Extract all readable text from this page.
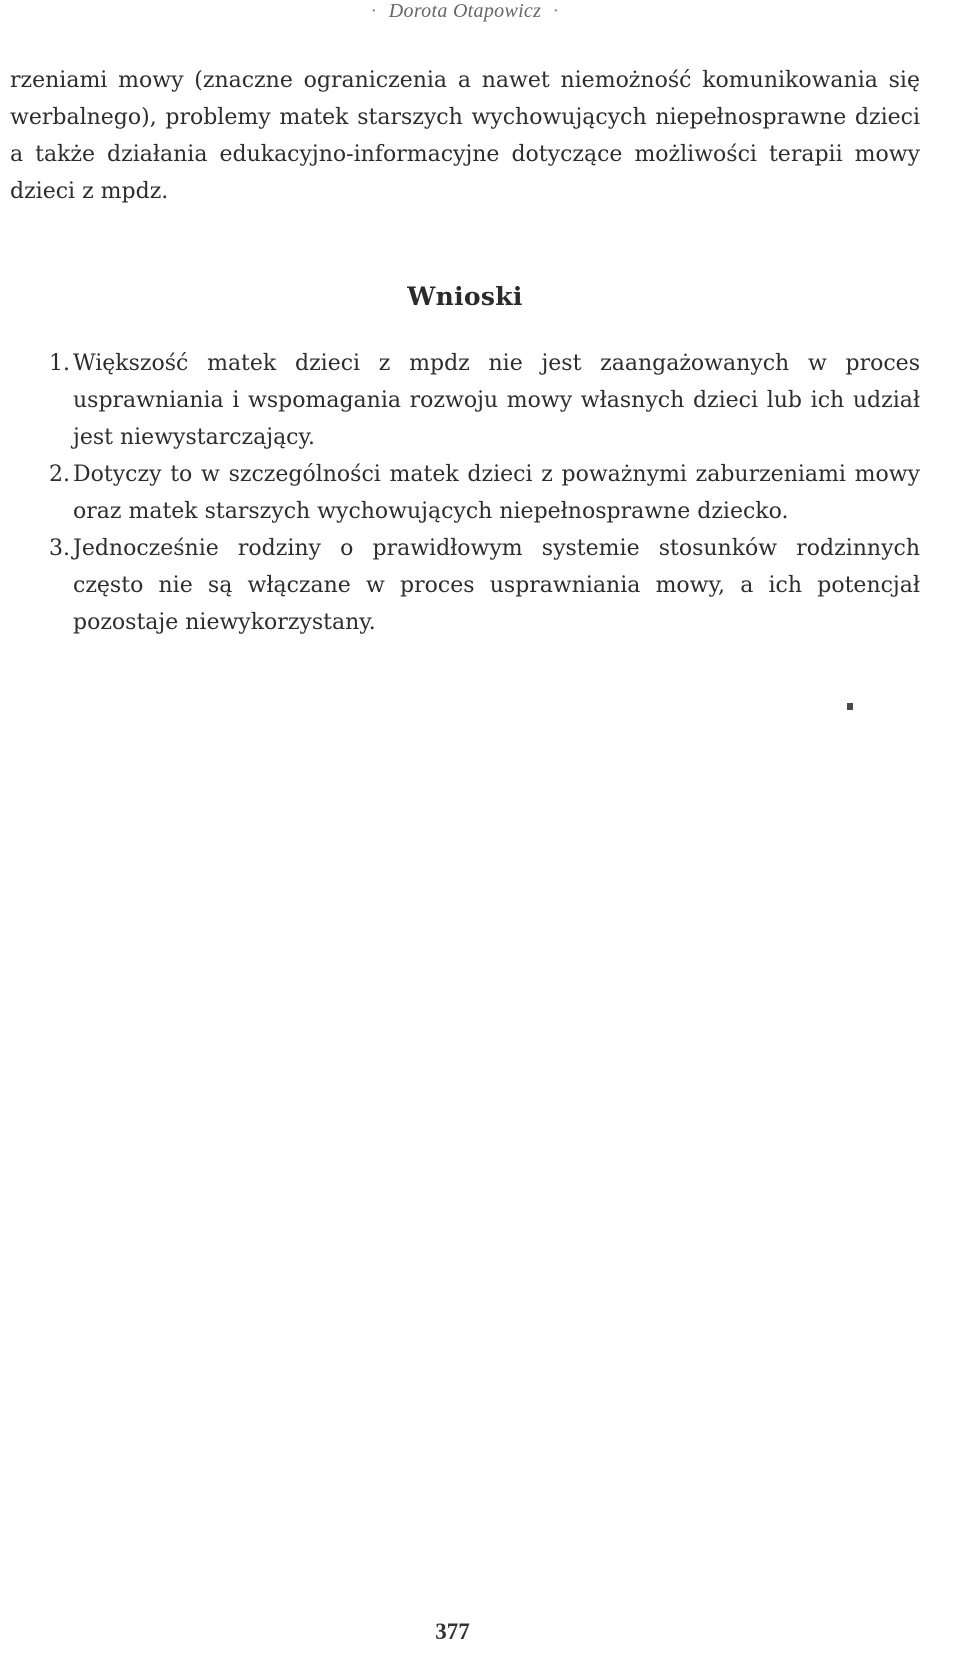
· Dorota Otapowicz ·

rzeniami mowy (znaczne ograniczenia a nawet niemożność komunikowania się werbalnego), problemy matek starszych wychowujących niepełnosprawne dzieci a także działania edukacyjno-informacyjne dotyczące możliwości terapii mowy dzieci z mpdz.

Wnioski
1. Większość matek dzieci z mpdz nie jest zaangażowanych w proces usprawniania i wspomagania rozwoju mowy własnych dzieci lub ich udział jest niewystarczający.
2. Dotyczy to w szczególności matek dzieci z poważnymi zaburzeniami mowy oraz matek starszych wychowujących niepełnosprawne dziecko.
3. Jednocześnie rodziny o prawidłowym systemie stosunków rodzinnych często nie są włączane w proces usprawniania mowy, a ich potencjał pozostaje niewykorzystany.
377
